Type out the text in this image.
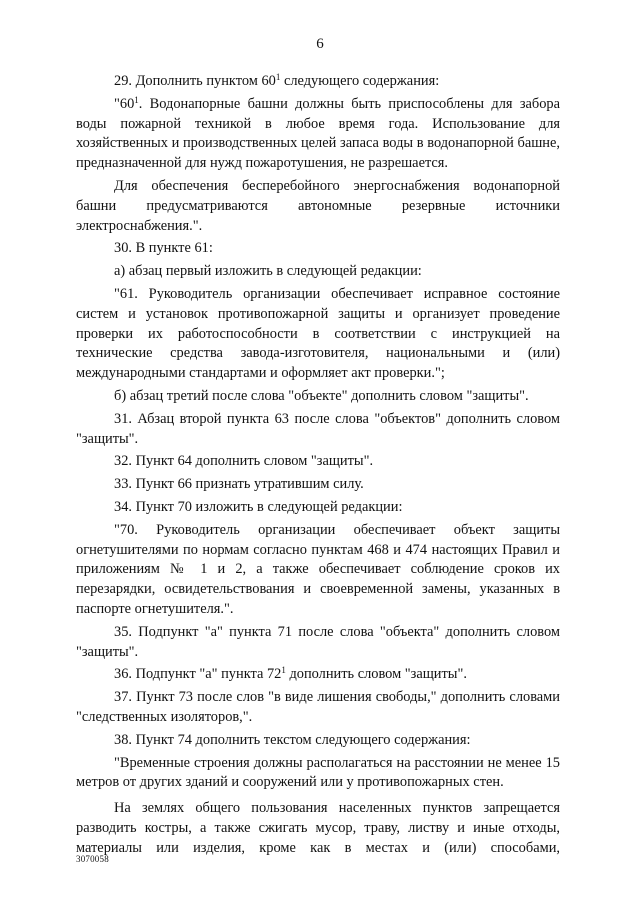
6

29. Дополнить пунктом $60^1$ следующего содержания:

"$60^1$. Водонапорные башни должны быть приспособлены для забора воды пожарной техникой в любое время года. Использование для хозяйственных и производственных целей запаса воды в водонапорной башне, предназначенной для нужд пожаротушения, не разрешается.

Для обеспечения бесперебойного энергоснабжения водонапорной башни предусматриваются автономные резервные источники электроснабжения.".

30. В пункте 61:

а) абзац первый изложить в следующей редакции:

"61. Руководитель организации обеспечивает исправное состояние систем и установок противопожарной защиты и организует проведение проверки их работоспособности в соответствии с инструкцией на технические средства завода-изготовителя, национальными и (или) международными стандартами и оформляет акт проверки.";

б) абзац третий после слова "объекте" дополнить словом "защиты".

31. Абзац второй пункта 63 после слова "объектов" дополнить словом "защиты".

32. Пункт 64 дополнить словом "защиты".

33. Пункт 66 признать утратившим силу.

34. Пункт 70 изложить в следующей редакции:

"70. Руководитель организации обеспечивает объект защиты огнетушителями по нормам согласно пунктам 468 и 474 настоящих Правил и приложениям № 1 и 2, а также обеспечивает соблюдение сроков их перезарядки, освидетельствования и своевременной замены, указанных в паспорте огнетушителя.".

35. Подпункт "а" пункта 71 после слова "объекта" дополнить словом "защиты".

36. Подпункт "а" пункта $72^1$ дополнить словом "защиты".

37. Пункт 73 после слов "в виде лишения свободы," дополнить словами "следственных изоляторов,".

38. Пункт 74 дополнить текстом следующего содержания:

"Временные строения должны располагаться на расстоянии не менее 15 метров от других зданий и сооружений или у противопожарных стен.

На землях общего пользования населенных пунктов запрещается разводить костры, а также сжигать мусор, траву, листву и иные отходы, материалы или изделия, кроме как в местах и (или) способами,

3070058
